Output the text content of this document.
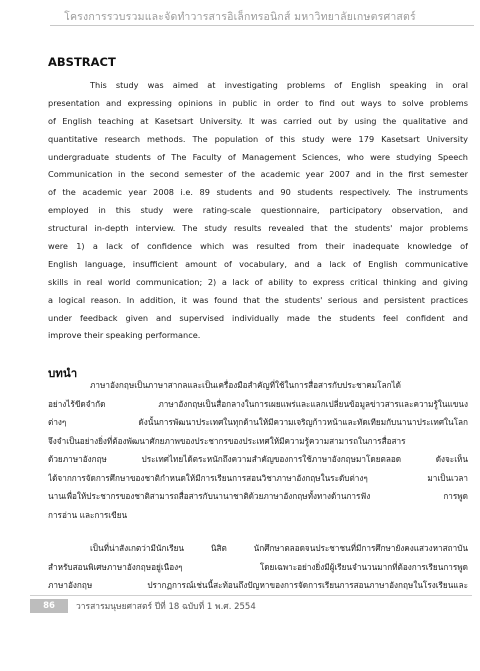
โครงการรวบรวมและจัดทำวารสารอิเล็กทรอนิกส์ มหาวิทยาลัยเกษตรศาสตร์
ABSTRACT
This study was aimed at investigating problems of English speaking in oral
presentation and expressing opinions in public in order to find out ways to solve problems
of English teaching at Kasetsart University. It was carried out by using the qualitative and
quantitative research methods. The population of this study were 179 Kasetsart University
undergraduate students of The Faculty of Management Sciences, who were studying Speech
Communication in the second semester of the academic year 2007 and in the first semester
of the academic year 2008 i.e. 89 students and 90 students respectively. The instruments
employed in this study were rating-scale questionnaire, participatory observation, and
structural in-depth interview. The study results revealed that the students' major problems
were 1) a lack of confidence which was resulted from their inadequate knowledge of
English language, insufficient amount of vocabulary, and a lack of English communicative
skills in real world communication; 2) a lack of ability to express critical thinking and giving
a logical reason. In addition, it was found that the students' serious and persistent practices
under feedback given and supervised individually made the students feel confident and
improve their speaking performance.
บทนำ
ภาษาอังกฤษเป็นภาษาสากลและเป็นเครื่องมือสำคัญที่ใช้ในการสื่อสารกับประชาคมโลกได้
อย่างไร้ขีดจำกัด ภาษาอังกฤษเป็นสื่อกลางในการเผยแพร่และแลกเปลี่ยนข้อมูลข่าวสารและความรู้ในแขนง
ต่างๆ ดังนั้นการพัฒนาประเทศในทุกด้านให้มีความเจริญก้าวหน้าและทัดเทียมกับนานาประเทศในโลก
จึงจำเป็นอย่างยิ่งที่ต้องพัฒนาศักยภาพของประชากรของประเทศให้มีความรู้ความสามารถในการสื่อสาร
ด้วยภาษาอังกฤษ ประเทศไทยได้ตระหนักถึงความสำคัญของการใช้ภาษาอังกฤษมาโดยตลอด ดังจะเห็น
ได้จากการจัดการศึกษาของชาติกำหนดให้มีการเรียนการสอนวิชาภาษาอังกฤษในระดับต่างๆ มาเป็นเวลา
นานเพื่อให้ประชากรของชาติสามารถสื่อสารกับนานาชาติด้วยภาษาอังกฤษทั้งทางด้านการฟัง การพูด
การอ่าน และการเขียน
เป็นที่น่าสังเกตว่ามีนักเรียน นิสิต นักศึกษาตลอดจนประชาชนที่มีการศึกษายังคงแสวงหาสถาบัน
สำหรับสอนพิเศษภาษาอังกฤษอยู่เนืองๆ โดยเฉพาะอย่างยิ่งมีผู้เรียนจำนวนมากที่ต้องการเรียนการพูด
ภาษาอังกฤษ ปรากฏการณ์เช่นนี้สะท้อนถึงปัญหาของการจัดการเรียนการสอนภาษาอังกฤษในโรงเรียนและ
86	วารสารมนุษยศาสตร์ ปีที่ 18 ฉบับที่ 1 พ.ศ. 2554
